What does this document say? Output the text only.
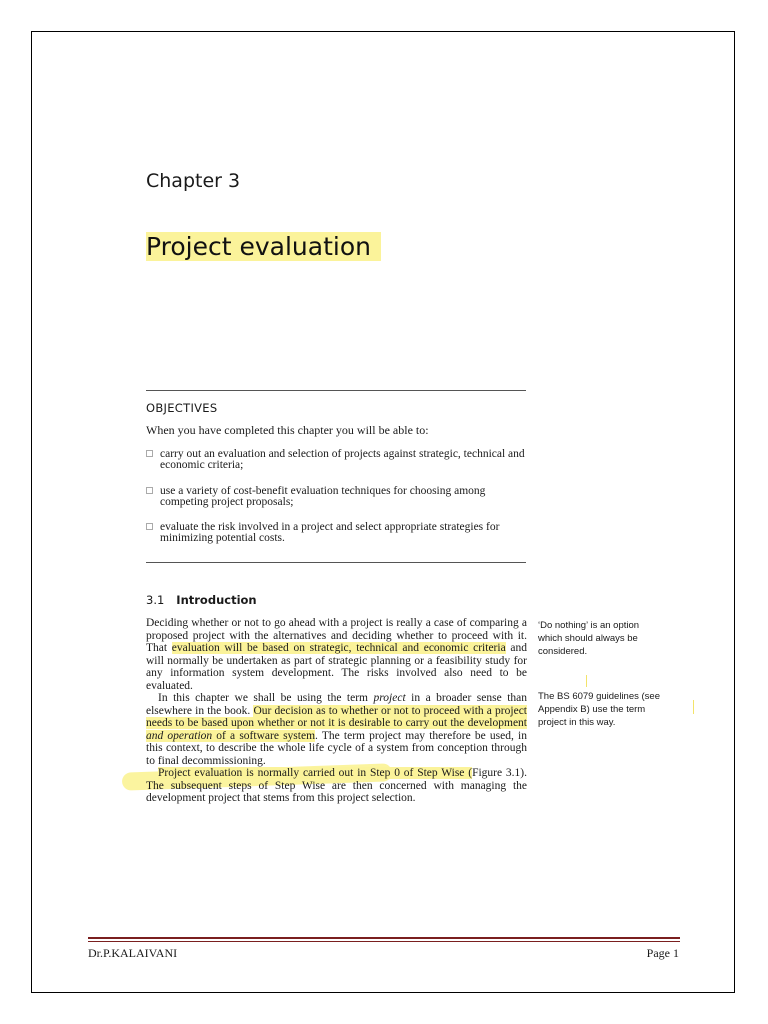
Chapter 3
Project evaluation
OBJECTIVES
When you have completed this chapter you will be able to:
carry out an evaluation and selection of projects against strategic, technical and economic criteria;
use a variety of cost-benefit evaluation techniques for choosing among competing project proposals;
evaluate the risk involved in a project and select appropriate strategies for minimizing potential costs.
3.1 Introduction

Deciding whether or not to go ahead with a project is really a case of comparing a proposed project with the alternatives and deciding whether to proceed with it. That evaluation will be based on strategic, technical and economic criteria and will normally be undertaken as part of strategic planning or a feasibility study for any information system development. The risks involved also need to be evaluated.

In this chapter we shall be using the term project in a broader sense than elsewhere in the book. Our decision as to whether or not to proceed with a project needs to be based upon whether or not it is desirable to carry out the development and operation of a software system. The term project may therefore be used, in this context, to describe the whole life cycle of a system from conception through to final decommissioning.

Project evaluation is normally carried out in Step 0 of Step Wise (Figure 3.1). The subsequent steps of Step Wise are then concerned with managing the development project that stems from this project selection.

‘Do nothing’ is an option which should always be considered.
The BS 6079 guidelines (see Appendix B) use the term project in this way.
Dr.P.KALAIVANI	Page 1
